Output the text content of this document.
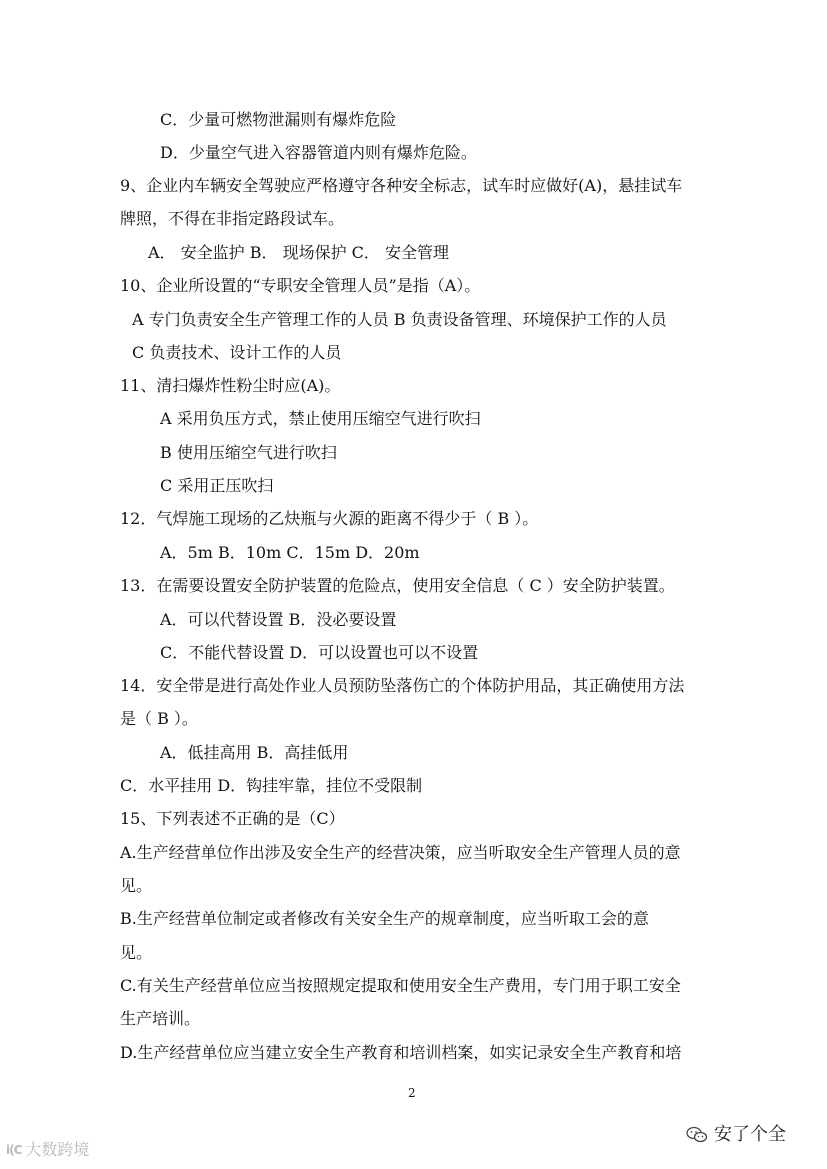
C．少量可燃物泄漏则有爆炸危险
D．少量空气进入容器管道内则有爆炸危险。
9、企业内车辆安全驾驶应严格遵守各种安全标志，试车时应做好(A)，悬挂试车
牌照，不得在非指定路段试车。
A． 安全监护 B． 现场保护 C． 安全管理
10、企业所设置的“专职安全管理人员”是指（A）。
A 专门负责安全生产管理工作的人员 B 负责设备管理、环境保护工作的人员
C 负责技术、设计工作的人员
11、清扫爆炸性粉尘时应(A)。
A 采用负压方式，禁止使用压缩空气进行吹扫
B 使用压缩空气进行吹扫
C 采用正压吹扫
12．气焊施工现场的乙炔瓶与火源的距离不得少于（ B ）。
A．5m B．10m C．15m D．20m
13．在需要设置安全防护装置的危险点，使用安全信息（ C ）安全防护装置。
A．可以代替设置 B．没必要设置
C．不能代替设置 D．可以设置也可以不设置
14．安全带是进行高处作业人员预防坠落伤亡的个体防护用品，其正确使用方法
是（ B ）。
A．低挂高用 B．高挂低用
C．水平挂用 D．钩挂牢靠，挂位不受限制
15、下列表述不正确的是（C）
A.生产经营单位作出涉及安全生产的经营决策，应当听取安全生产管理人员的意
见。
B.生产经营单位制定或者修改有关安全生产的规章制度，应当听取工会的意
见。
C.有关生产经营单位应当按照规定提取和使用安全生产费用，专门用于职工安全
生产培训。
D.生产经营单位应当建立安全生产教育和培训档案，如实记录安全生产教育和培
2
i(C 大数跨境
安了个全
